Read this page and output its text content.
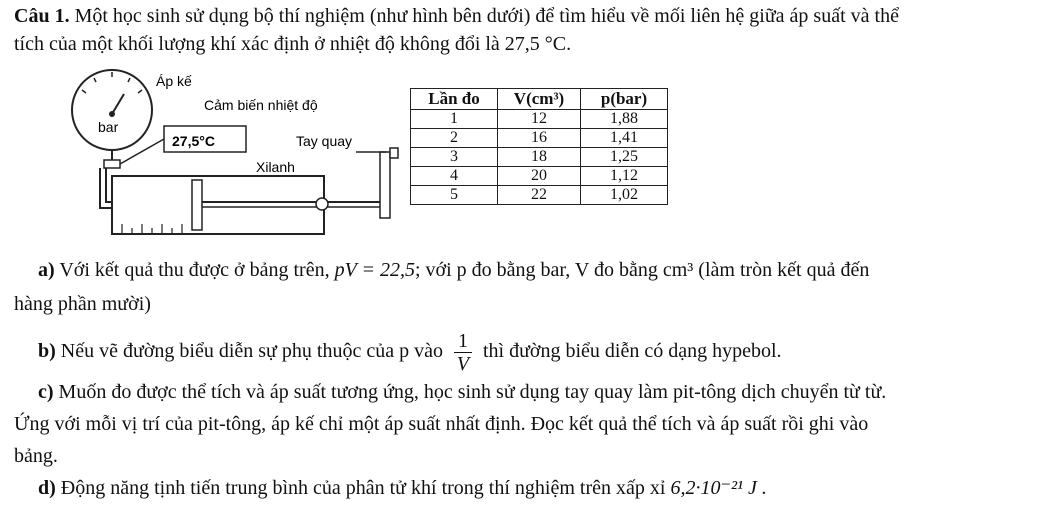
Câu 1. Một học sinh sử dụng bộ thí nghiệm (như hình bên dưới) để tìm hiểu về mối liên hệ giữa áp suất và thể
tích của một khối lượng khí xác định ở nhiệt độ không đổi là 27,5 °C.
bar
Áp kế
Cảm biến nhiệt độ
27,5°C	Tay quay
Xilanh
Lần đo	V(cm³)	p(bar)
1	12	1,88
2	16	1,41
3	18	1,25
4	20	1,12
5	22	1,02
a) Với kết quả thu được ở bảng trên, pV = 22,5; với p đo bằng bar, V đo bằng cm³ (làm tròn kết quả đến
hàng phần mười)
b) Nếu vẽ đường biểu diễn sự phụ thuộc của p vào $\frac{1}{V}$ thì đường biểu diễn có dạng hypebol.
c) Muốn đo được thể tích và áp suất tương ứng, học sinh sử dụng tay quay làm pit-tông dịch chuyển từ từ.
Ứng với mỗi vị trí của pit-tông, áp kế chỉ một áp suất nhất định. Đọc kết quả thể tích và áp suất rồi ghi vào
bảng.
d) Động năng tịnh tiến trung bình của phân tử khí trong thí nghiệm trên xấp xỉ 6,2·10⁻²¹ J .
